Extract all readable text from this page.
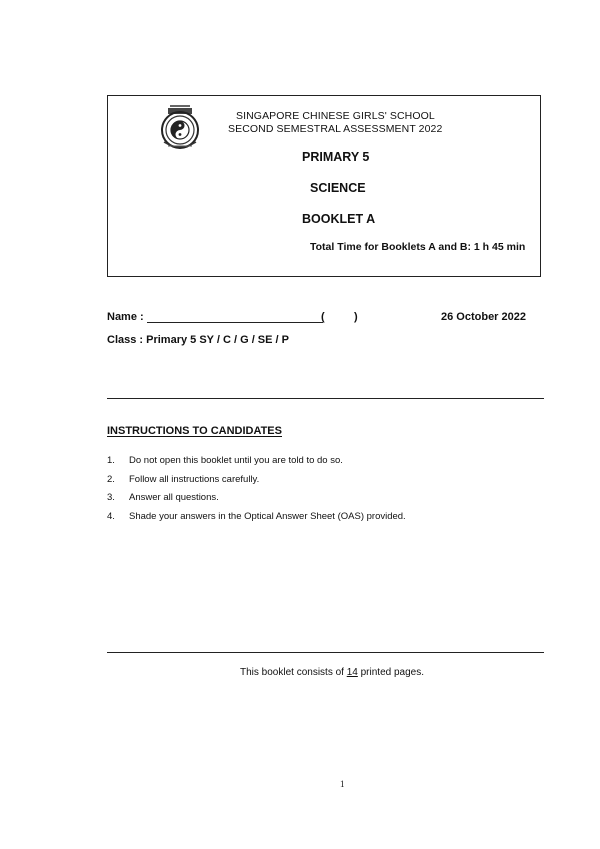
SINGAPORE CHINESE GIRLS' SCHOOL
SECOND SEMESTRAL ASSESSMENT 2022
PRIMARY 5
SCIENCE
BOOKLET A
Total Time for Booklets A and B: 1 h 45 min
Name :	(	)	26 October 2022
Class : Primary 5 SY / C / G / SE / P
INSTRUCTIONS TO CANDIDATES
1. Do not open this booklet until you are told to do so.
2. Follow all instructions carefully.
3. Answer all questions.
4. Shade your answers in the Optical Answer Sheet (OAS) provided.
This booklet consists of 14 printed pages.
1
